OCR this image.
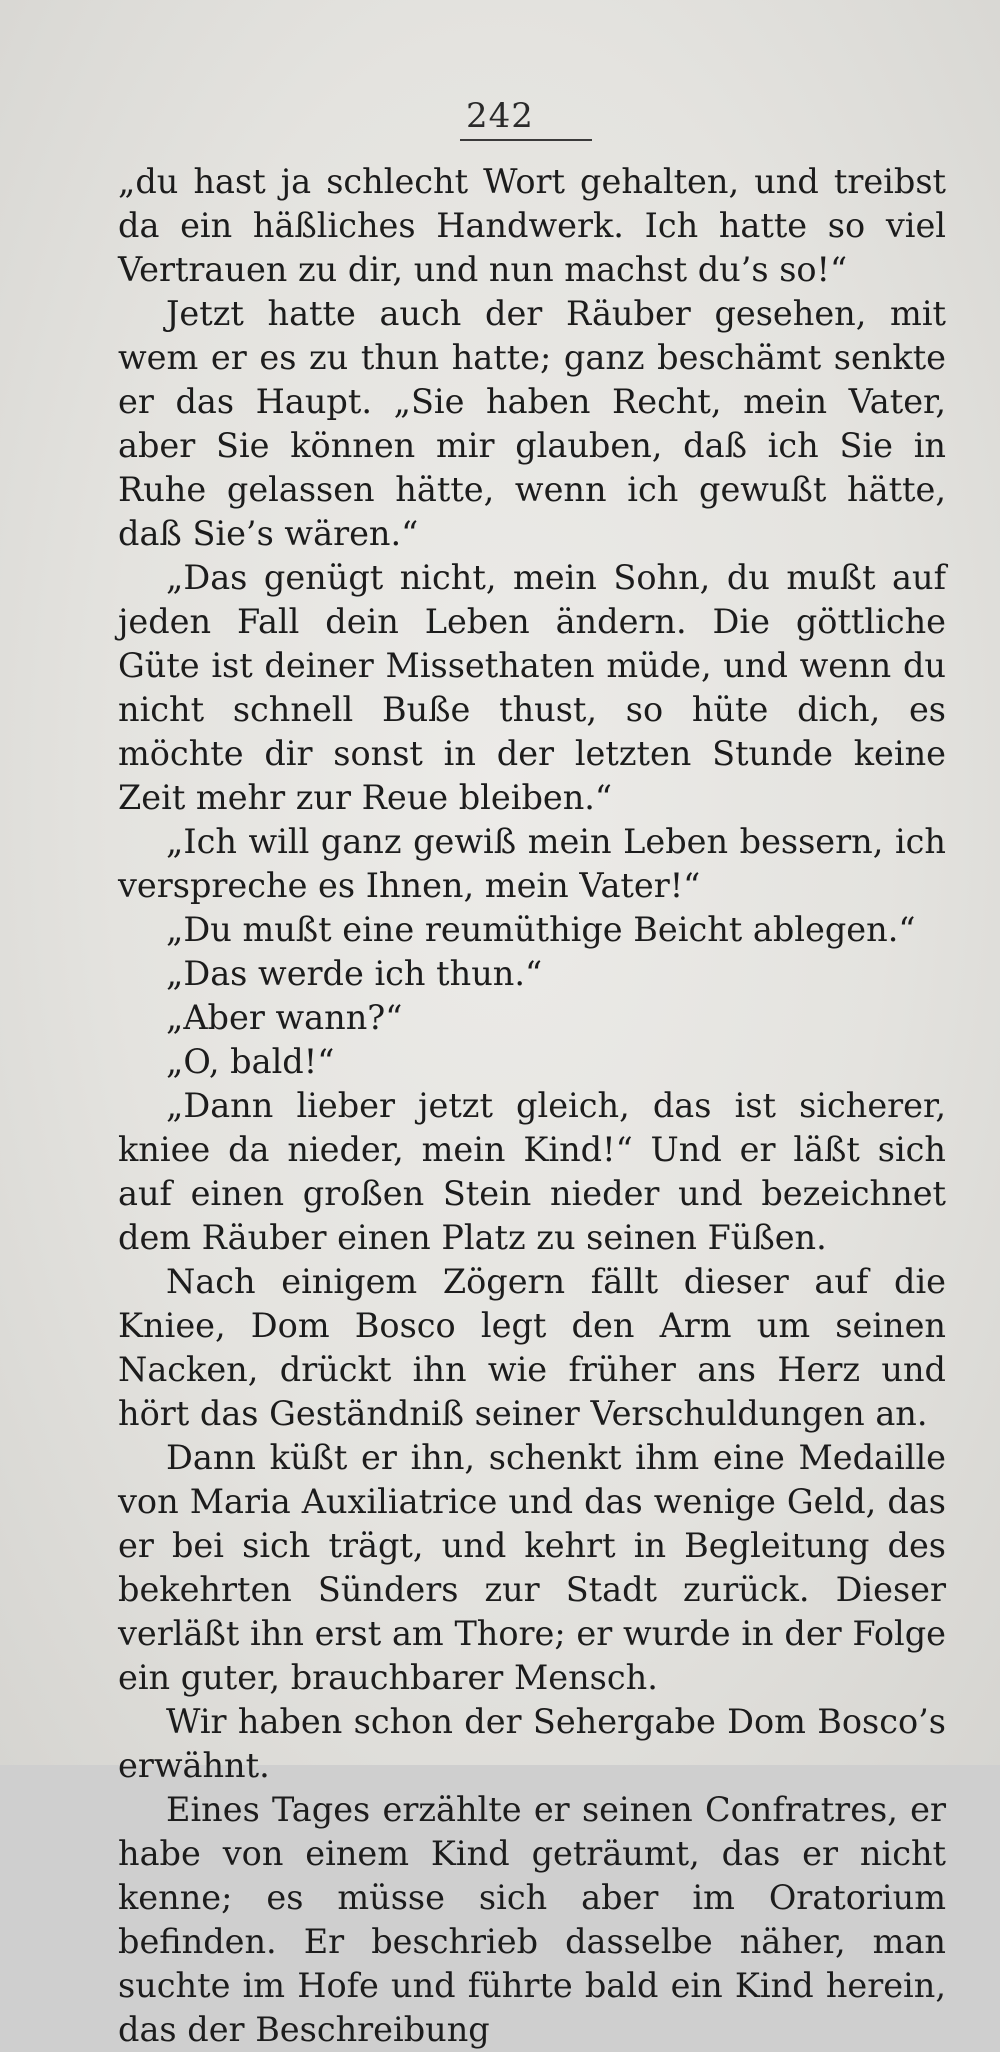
242

„du hast ja schlecht Wort gehalten, und treibst da ein häßliches Handwerk. Ich hatte so viel Vertrauen zu dir, und nun machst du’s so!“

Jetzt hatte auch der Räuber gesehen, mit wem er es zu thun hatte; ganz beschämt senkte er das Haupt. „Sie haben Recht, mein Vater, aber Sie können mir glauben, daß ich Sie in Ruhe gelassen hätte, wenn ich gewußt hätte, daß Sie’s wären.“

„Das genügt nicht, mein Sohn, du mußt auf jeden Fall dein Leben ändern. Die göttliche Güte ist deiner Missethaten müde, und wenn du nicht schnell Buße thust, so hüte dich, es möchte dir sonst in der letzten Stunde keine Zeit mehr zur Reue bleiben.“

„Ich will ganz gewiß mein Leben bessern, ich verspreche es Ihnen, mein Vater!“

„Du mußt eine reumüthige Beicht ablegen.“

„Das werde ich thun.“

„Aber wann?“

„O, bald!“

„Dann lieber jetzt gleich, das ist sicherer, kniee da nieder, mein Kind!“ Und er läßt sich auf einen großen Stein nieder und bezeichnet dem Räuber einen Platz zu seinen Füßen.

Nach einigem Zögern fällt dieser auf die Kniee, Dom Bosco legt den Arm um seinen Nacken, drückt ihn wie früher ans Herz und hört das Geständniß seiner Verschuldungen an.

Dann küßt er ihn, schenkt ihm eine Medaille von Maria Auxiliatrice und das wenige Geld, das er bei sich trägt, und kehrt in Begleitung des bekehrten Sünders zur Stadt zurück. Dieser verläßt ihn erst am Thore; er wurde in der Folge ein guter, brauchbarer Mensch.

Wir haben schon der Sehergabe Dom Bosco’s erwähnt.

Eines Tages erzählte er seinen Confratres, er habe von einem Kind geträumt, das er nicht kenne; es müsse sich aber im Oratorium befinden. Er beschrieb dasselbe näher, man suchte im Hofe und führte bald ein Kind herein, das der Beschreibung
